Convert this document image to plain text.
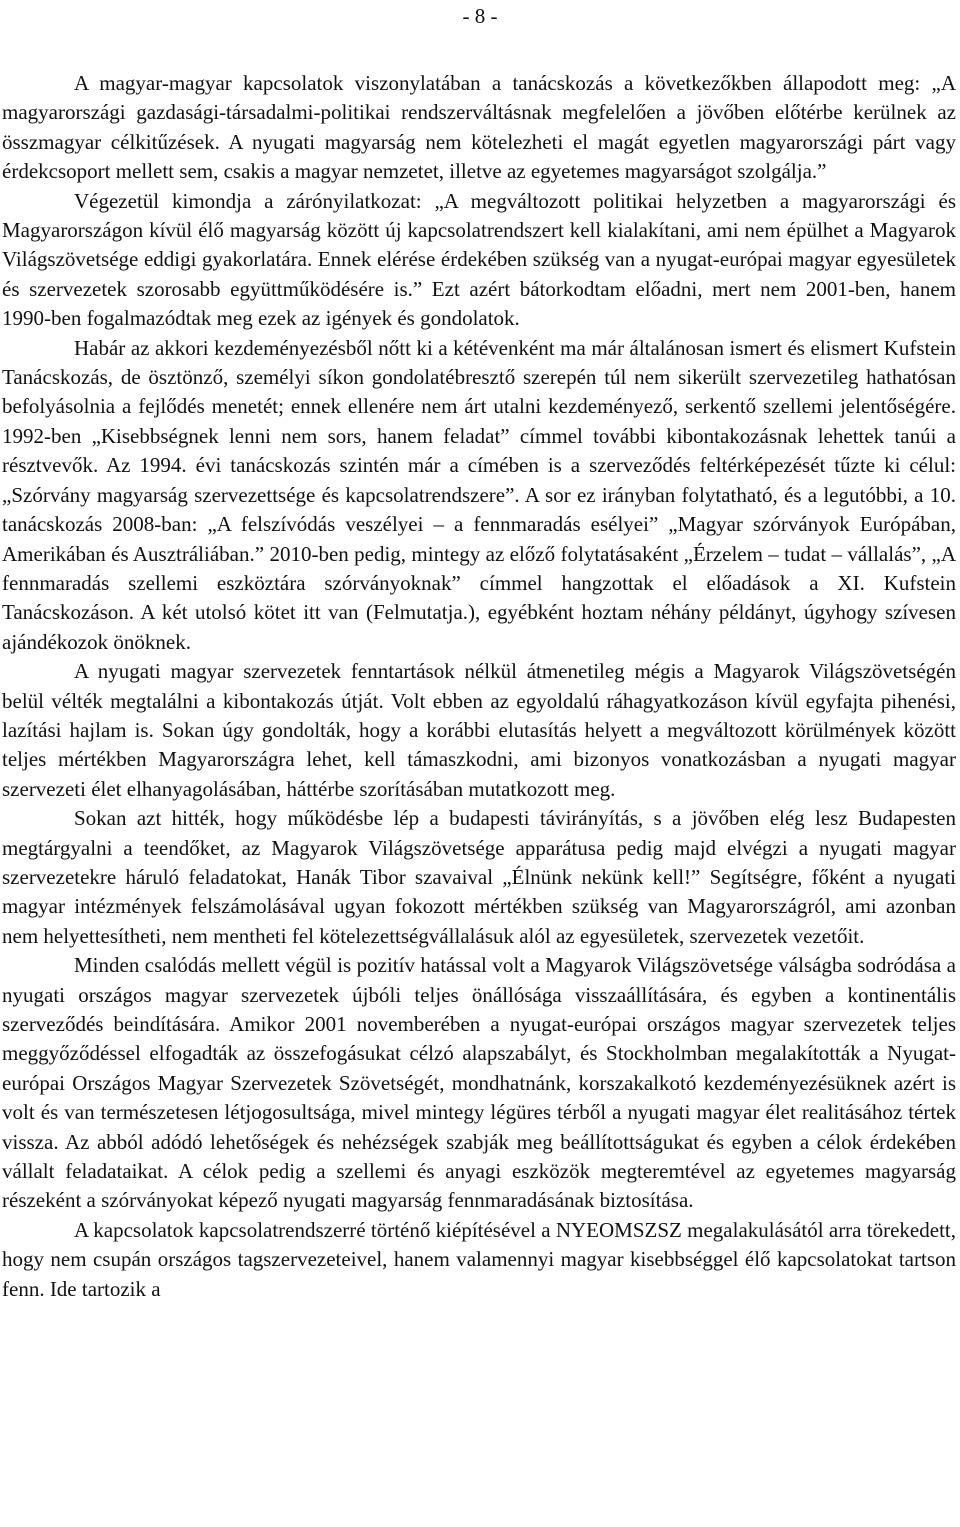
- 8 -

A magyar-magyar kapcsolatok viszonylatában a tanácskozás a következőkben állapodott meg: „A magyarországi gazdasági-társadalmi-politikai rendszerváltásnak megfelelően a jövőben előtérbe kerülnek az összmagyar célkitűzések. A nyugati magyarság nem kötelezheti el magát egyetlen magyarországi párt vagy érdekcsoport mellett sem, csakis a magyar nemzetet, illetve az egyetemes magyarságot szolgálja.”

Végezetül kimondja a zárónyilatkozat: „A megváltozott politikai helyzetben a magyarországi és Magyarországon kívül élő magyarság között új kapcsolatrendszert kell kialakítani, ami nem épülhet a Magyarok Világszövetsége eddigi gyakorlatára. Ennek elérése érdekében szükség van a nyugat-európai magyar egyesületek és szervezetek szorosabb együttműködésére is.” Ezt azért bátorkodtam előadni, mert nem 2001-ben, hanem 1990-ben fogalmazódtak meg ezek az igények és gondolatok.

Habár az akkori kezdeményezésből nőtt ki a kétévenként ma már általánosan ismert és elismert Kufstein Tanácskozás, de ösztönző, személyi síkon gondolatébresztő szerepén túl nem sikerült szervezetileg hathatósan befolyásolnia a fejlődés menetét; ennek ellenére nem árt utalni kezdeményező, serkentő szellemi jelentőségére. 1992-ben „Kisebbségnek lenni nem sors, hanem feladat” címmel további kibontakozásnak lehettek tanúi a résztvevők. Az 1994. évi tanácskozás szintén már a címében is a szerveződés feltérképezését tűzte ki célul: „Szórvány magyarság szervezettsége és kapcsolatrendszere”. A sor ez irányban folytatható, és a legutóbbi, a 10. tanácskozás 2008-ban: „A felszívódás veszélyei – a fennmaradás esélyei” „Magyar szórványok Európában, Amerikában és Ausztráliában.” 2010-ben pedig, mintegy az előző folytatásaként „Érzelem – tudat – vállalás”, „A fennmaradás szellemi eszköztára szórványoknak” címmel hangzottak el előadások a XI. Kufstein Tanácskozáson. A két utolsó kötet itt van (Felmutatja.), egyébként hoztam néhány példányt, úgyhogy szívesen ajándékozok önöknek.

A nyugati magyar szervezetek fenntartások nélkül átmenetileg mégis a Magyarok Világszövetségén belül vélték megtalálni a kibontakozás útját. Volt ebben az egyoldalú ráhagyatkozáson kívül egyfajta pihenési, lazítási hajlam is. Sokan úgy gondolták, hogy a korábbi elutasítás helyett a megváltozott körülmények között teljes mértékben Magyarországra lehet, kell támaszkodni, ami bizonyos vonatkozásban a nyugati magyar szervezeti élet elhanyagolásában, háttérbe szorításában mutatkozott meg.

Sokan azt hitték, hogy működésbe lép a budapesti távirányítás, s a jövőben elég lesz Budapesten megtárgyalni a teendőket, az Magyarok Világszövetsége apparátusa pedig majd elvégzi a nyugati magyar szervezetekre háruló feladatokat, Hanák Tibor szavaival „Élnünk nekünk kell!” Segítségre, főként a nyugati magyar intézmények felszámolásával ugyan fokozott mértékben szükség van Magyarországról, ami azonban nem helyettesítheti, nem mentheti fel kötelezettségvállalásuk alól az egyesületek, szervezetek vezetőit.

Minden csalódás mellett végül is pozitív hatással volt a Magyarok Világszövetsége válságba sodródása a nyugati országos magyar szervezetek újbóli teljes önállósága visszaállítására, és egyben a kontinentális szerveződés beindítására. Amikor 2001 novemberében a nyugat-európai országos magyar szervezetek teljes meggyőződéssel elfogadták az összefogásukat célzó alapszabályt, és Stockholmban megalakították a Nyugat-európai Országos Magyar Szervezetek Szövetségét, mondhatnánk, korszakalkotó kezdeményezésüknek azért is volt és van természetesen létjogosultsága, mivel mintegy légüres térből a nyugati magyar élet realitásához tértek vissza. Az abból adódó lehetőségek és nehézségek szabják meg beállítottságukat és egyben a célok érdekében vállalt feladataikat. A célok pedig a szellemi és anyagi eszközök megteremtével az egyetemes magyarság részeként a szórványokat képező nyugati magyarság fennmaradásának biztosítása.

A kapcsolatok kapcsolatrendszerré történő kiépítésével a NYEOMSZSZ megalakulásától arra törekedett, hogy nem csupán országos tagszervezeteivel, hanem valamennyi magyar kisebbséggel élő kapcsolatokat tartson fenn. Ide tartozik a
